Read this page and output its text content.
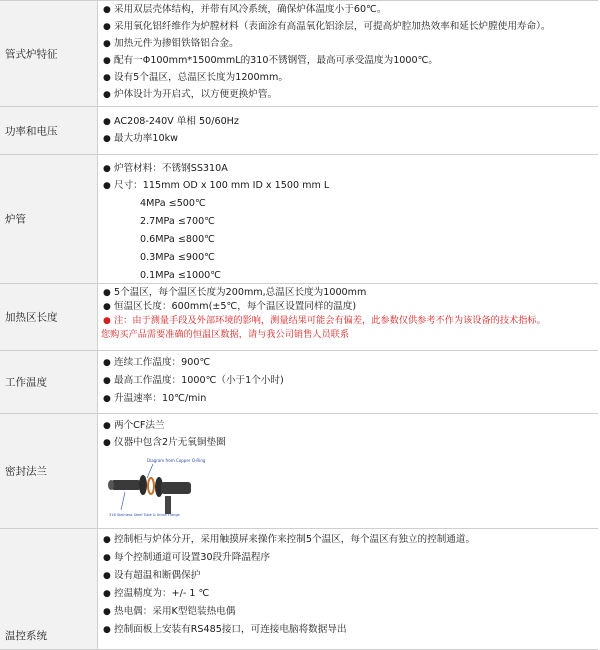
管式炉特征
● 采用双层壳体结构，并带有风冷系统，确保炉体温度小于60℃。
● 采用氧化铝纤维作为炉膛材料（表面涂有高温氧化铝涂层，可提高炉腔加热效率和延长炉膛使用寿命）。
● 加热元件为掺钼铁铬铝合金。
● 配有一Φ100mm*1500mmL的310不锈钢管，最高可承受温度为1000℃。
● 设有5个温区，总温区长度为1200mm。
● 炉体设计为开启式，以方便更换炉管。
功率和电压
● AC208-240V 单相 50/60Hz
● 最大功率10kw
炉管
● 炉管材料：不锈钢SS310A
● 尺寸：115mm OD x 100 mm ID x 1500 mm L
4MPa ≤500℃
2.7MPa ≤700℃
0.6MPa ≤800℃
0.3MPa ≤900℃
0.1MPa ≤1000℃
加热区长度
● 5个温区，每个温区长度为200mm,总温区长度为1000mm
● 恒温区长度：600mm(±5℃，每个温区设置同样的温度)
● 注：由于测量手段及外部环境的影响，测量结果可能会有偏差，此参数仅供参考不作为该设备的技术指标。
您购买产品需要准确的恒温区数据，请与我公司销售人员联系
工作温度
● 连续工作温度：900℃
● 最高工作温度：1000℃（小于1个小时)
● 升温速率：10℃/min
密封法兰
● 两个CF法兰
● 仪器中包含2片无氧铜垫圈
Diagram from Copper O-Ring
316 Stainless Steel Tube & Union Flange
温控系统
● 控制柜与炉体分开，采用触摸屏来操作来控制5个温区，每个温区有独立的控制通道。
● 每个控制通道可设置30段升降温程序
● 设有超温和断偶保护
● 控温精度为：+/- 1 ℃
● 热电偶：采用K型铠装热电偶
● 控制面板上安装有RS485接口，可连接电脑将数据导出
